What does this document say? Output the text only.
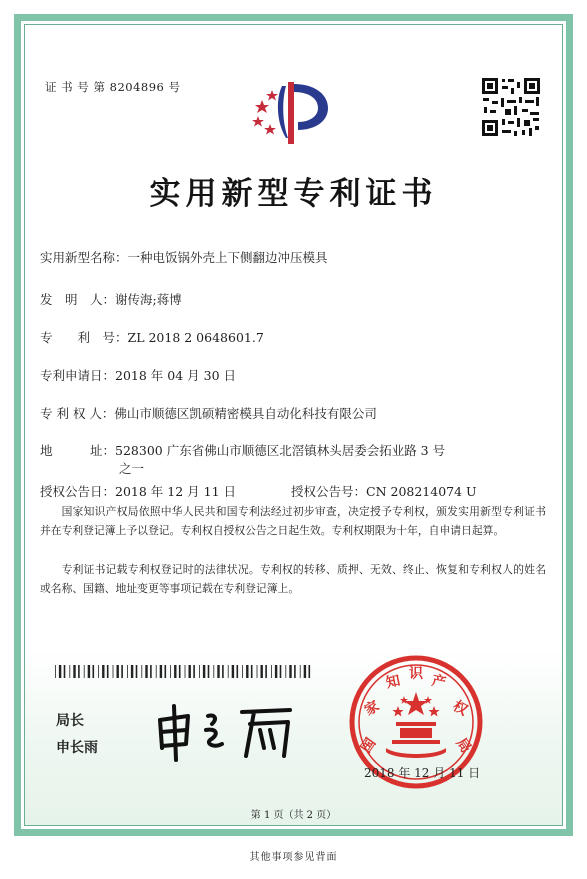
证 书 号 第 8204896 号
实用新型专利证书
实用新型名称：一种电饭锅外壳上下侧翻边冲压模具
发　明　人：谢传海;蒋博
专　　利　号：ZL 2018 2 0648601.7
专利申请日：2018 年 04 月 30 日
专 利 权 人：佛山市顺德区凯硕精密模具自动化科技有限公司
地　　　址：528300 广东省佛山市顺德区北滘镇林头居委会拓业路 3 号
之一
授权公告日：2018 年 12 月 11 日	授权公告号：CN 208214074 U
国家知识产权局依照中华人民共和国专利法经过初步审查，决定授予专利权，颁发实用新型专利证书并在专利登记簿上予以登记。专利权自授权公告之日起生效。专利权期限为十年，自申请日起算。
专利证书记载专利权登记时的法律状况。专利权的转移、质押、无效、终止、恢复和专利权人的姓名或名称、国籍、地址变更等事项记载在专利登记簿上。
局长
申长雨	国
家
知 识 产
权
局
2018 年 12 月 11 日
第 1 页（共 2 页）
其他事项参见背面
